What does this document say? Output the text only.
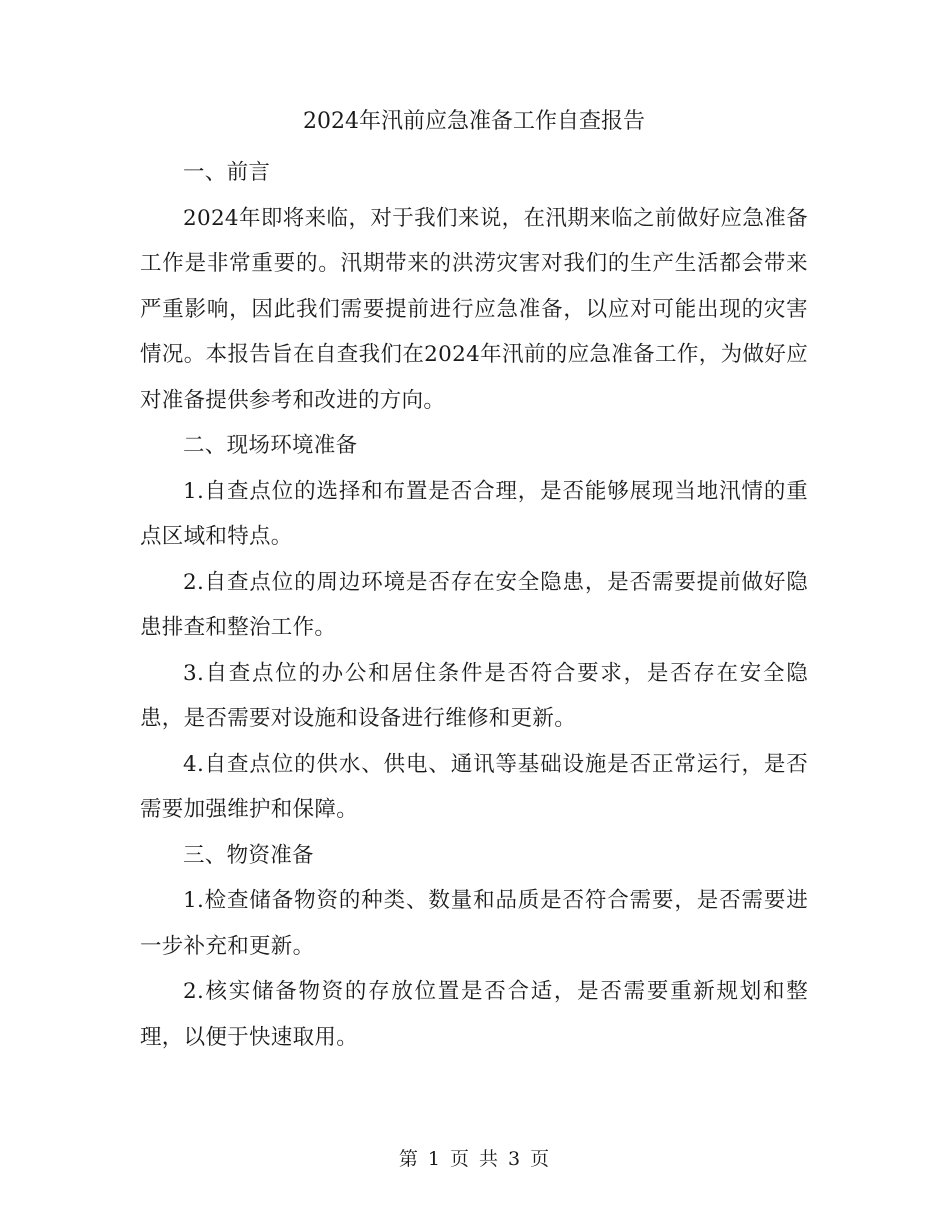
2024年汛前应急准备工作自查报告

一、前言

2024年即将来临，对于我们来说，在汛期来临之前做好应急准备工作是非常重要的。汛期带来的洪涝灾害对我们的生产生活都会带来严重影响，因此我们需要提前进行应急准备，以应对可能出现的灾害情况。本报告旨在自查我们在2024年汛前的应急准备工作，为做好应对准备提供参考和改进的方向。

二、现场环境准备

1.自查点位的选择和布置是否合理，是否能够展现当地汛情的重点区域和特点。

2.自查点位的周边环境是否存在安全隐患，是否需要提前做好隐患排查和整治工作。

3.自查点位的办公和居住条件是否符合要求，是否存在安全隐患，是否需要对设施和设备进行维修和更新。

4.自查点位的供水、供电、通讯等基础设施是否正常运行，是否需要加强维护和保障。

三、物资准备

1.检查储备物资的种类、数量和品质是否符合需要，是否需要进一步补充和更新。

2.核实储备物资的存放位置是否合适，是否需要重新规划和整理，以便于快速取用。

第 1 页 共 3 页
